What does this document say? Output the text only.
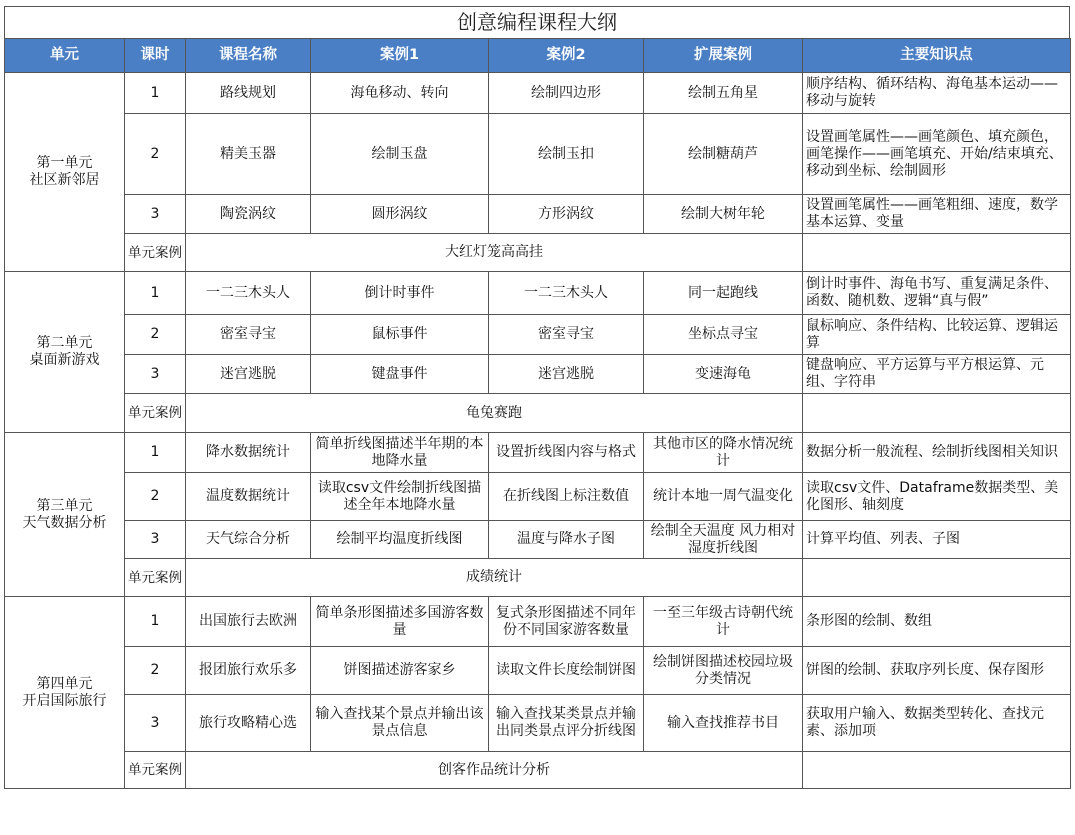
创意编程课程大纲
单元	课时	课程名称	案例1	案例2	扩展案例	主要知识点

第一单元
社区新邻居	1	路线规划	海龟移动、转向	绘制四边形	绘制五角星	顺序结构、循环结构、海龟基本运动——移动与旋转
	2	精美玉器	绘制玉盘	绘制玉扣	绘制糖葫芦	设置画笔属性——画笔颜色、填充颜色，画笔操作——画笔填充、开始/结束填充、移动到坐标、绘制圆形
	3	陶瓷涡纹	圆形涡纹	方形涡纹	绘制大树年轮	设置画笔属性——画笔粗细、速度，数学基本运算、变量
	单元案例	大红灯笼高高挂				

第二单元
桌面新游戏	1	一二三木头人	倒计时事件	一二三木头人	同一起跑线	倒计时事件、海龟书写、重复满足条件、函数、随机数、逻辑“真与假”
	2	密室寻宝	鼠标事件	密室寻宝	坐标点寻宝	鼠标响应、条件结构、比较运算、逻辑运算
	3	迷宫逃脱	键盘事件	迷宫逃脱	变速海龟	键盘响应、平方运算与平方根运算、元组、字符串
	单元案例	龟兔赛跑				

第三单元
天气数据分析	1	降水数据统计	简单折线图描述半年期的本地降水量	设置折线图内容与格式	其他市区的降水情况统计	数据分析一般流程、绘制折线图相关知识
	2	温度数据统计	读取csv文件绘制折线图描述全年本地降水量	在折线图上标注数值	统计本地一周气温变化	读取csv文件、Dataframe数据类型、美化图形、轴刻度
	3	天气综合分析	绘制平均温度折线图	温度与降水子图	绘制全天温度 风力相对湿度折线图	计算平均值、列表、子图
	单元案例	成绩统计				

第四单元
开启国际旅行	1	出国旅行去欧洲	简单条形图描述多国游客数量	复式条形图描述不同年份不同国家游客数量	一至三年级古诗朝代统计	条形图的绘制、数组
	2	报团旅行欢乐多	饼图描述游客家乡	读取文件长度绘制饼图	绘制饼图描述校园垃圾分类情况	饼图的绘制、获取序列长度、保存图形
	3	旅行攻略精心选	输入查找某个景点并输出该景点信息	输入查找某类景点并输出同类景点评分折线图	输入查找推荐书目	获取用户输入、数据类型转化、查找元素、添加项
	单元案例	创客作品统计分析				
